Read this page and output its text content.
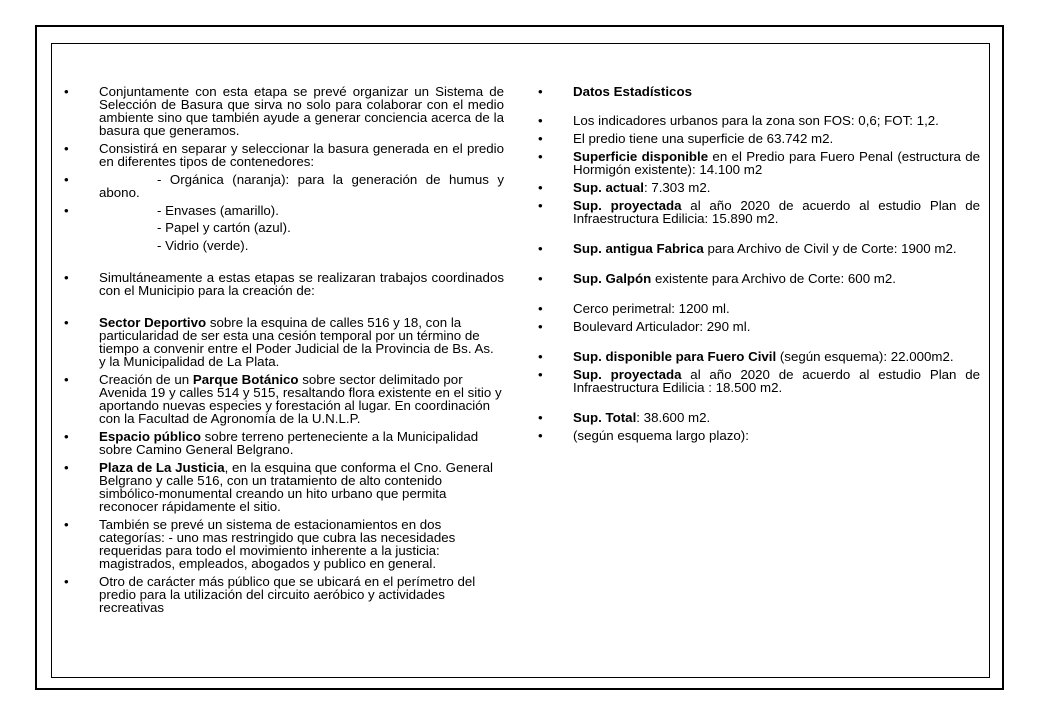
• Conjuntamente con esta etapa se prevé organizar un Sistema de Selección de Basura que sirva no solo para colaborar con el medio ambiente sino que también ayude a generar conciencia acerca de la basura que generamos.
• Consistirá en separar y seleccionar la basura generada en el predio en diferentes tipos de contenedores:
• - Orgánica (naranja): para la generación de humus y abono.
• - Envases (amarillo).
- Papel y cartón (azul).
- Vidrio (verde).
• Simultáneamente a estas etapas se realizaran trabajos coordinados con el Municipio para la creación de:
• Sector Deportivo sobre la esquina de calles 516 y 18, con la particularidad de ser esta una cesión temporal por un término de tiempo a convenir entre el Poder Judicial de la Provincia de Bs. As. y la Municipalidad de La Plata.
• Creación de un Parque Botánico sobre sector delimitado por Avenida 19 y calles 514 y 515, resaltando flora existente en el sitio y aportando nuevas especies y forestación al lugar. En coordinación con la Facultad de Agronomía de la U.N.L.P.
• Espacio público sobre terreno perteneciente a la Municipalidad sobre Camino General Belgrano.
• Plaza de La Justicia, en la esquina que conforma el Cno. General Belgrano y calle 516, con un tratamiento de alto contenido simbólico-monumental creando un hito urbano que permita reconocer rápidamente el sitio.
• También se prevé un sistema de estacionamientos en dos categorías: - uno mas restringido que cubra las necesidades requeridas para todo el movimiento inherente a la justicia: magistrados, empleados, abogados y publico en general.
• Otro de carácter más público que se ubicará en el perímetro del predio para la utilización del circuito aeróbico y actividades recreativas
• Datos Estadísticos
• Los indicadores urbanos para la zona son FOS: 0,6; FOT: 1,2.
• El predio tiene una superficie de 63.742 m2.
• Superficie disponible en el Predio para Fuero Penal (estructura de Hormigón existente): 14.100 m2
• Sup. actual: 7.303 m2.
• Sup. proyectada al año 2020 de acuerdo al estudio Plan de Infraestructura Edilicia: 15.890 m2.
• Sup. antigua Fabrica para Archivo de Civil y de Corte: 1900 m2.
• Sup. Galpón existente para Archivo de Corte: 600 m2.
• Cerco perimetral: 1200 ml.
• Boulevard Articulador: 290 ml.
• Sup. disponible para Fuero Civil (según esquema): 22.000m2.
• Sup. proyectada al año 2020 de acuerdo al estudio Plan de Infraestructura Edilicia : 18.500 m2.
• Sup. Total: 38.600 m2.
• (según esquema largo plazo):
